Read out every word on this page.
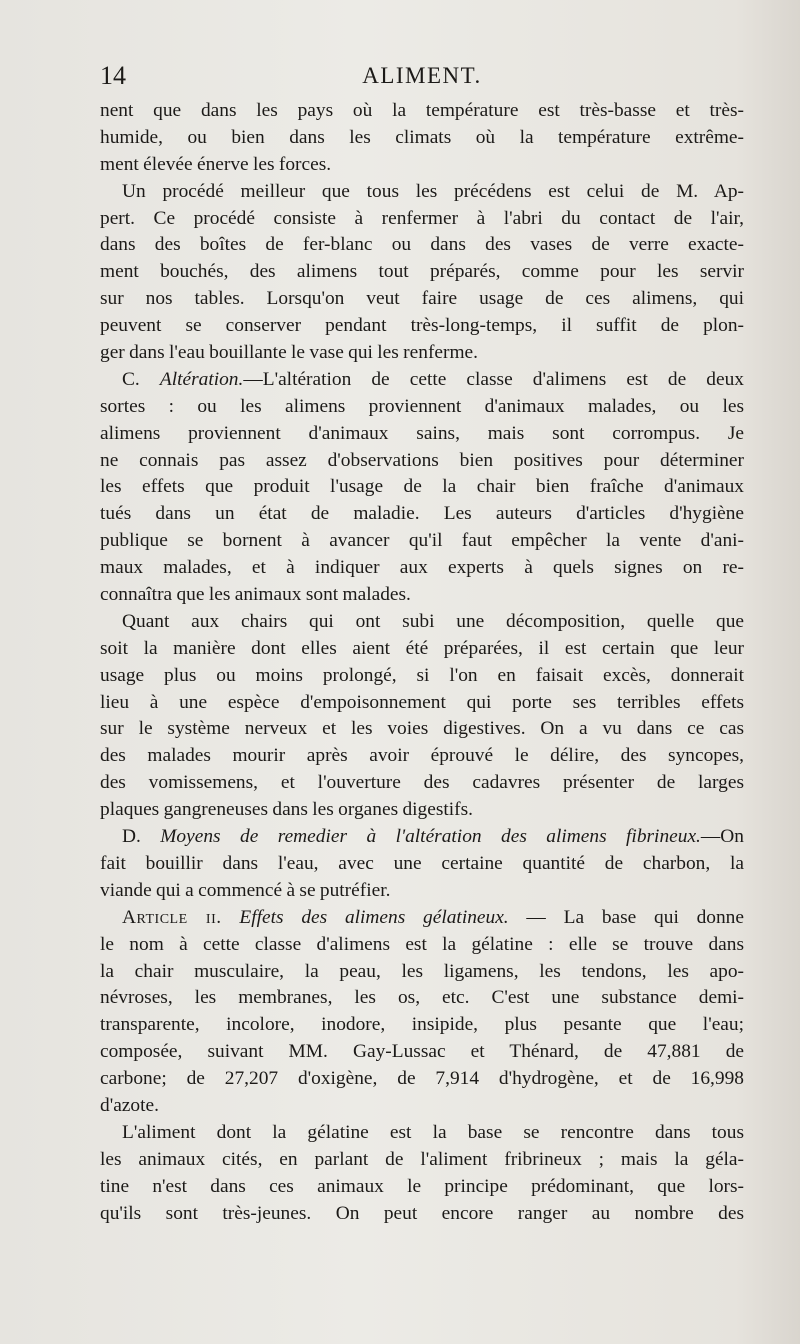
14	ALIMENT.
nent que dans les pays où la température est très-basse et très-
humide, ou bien dans les climats où la température extrême-
ment élevée énerve les forces.
Un procédé meilleur que tous les précédens est celui de M. Ap-
pert. Ce procédé consiste à renfermer à l'abri du contact de l'air,
dans des boîtes de fer-blanc ou dans des vases de verre exacte-
ment bouchés, des alimens tout préparés, comme pour les servir
sur nos tables. Lorsqu'on veut faire usage de ces alimens, qui
peuvent se conserver pendant très-long-temps, il suffit de plon-
ger dans l'eau bouillante le vase qui les renferme.
C. Altération.—L'altération de cette classe d'alimens est de deux
sortes : ou les alimens proviennent d'animaux malades, ou les
alimens proviennent d'animaux sains, mais sont corrompus. Je
ne connais pas assez d'observations bien positives pour déterminer
les effets que produit l'usage de la chair bien fraîche d'animaux
tués dans un état de maladie. Les auteurs d'articles d'hygiène
publique se bornent à avancer qu'il faut empêcher la vente d'ani-
maux malades, et à indiquer aux experts à quels signes on re-
connaîtra que les animaux sont malades.
Quant aux chairs qui ont subi une décomposition, quelle que
soit la manière dont elles aient été préparées, il est certain que leur
usage plus ou moins prolongé, si l'on en faisait excès, donnerait
lieu à une espèce d'empoisonnement qui porte ses terribles effets
sur le système nerveux et les voies digestives. On a vu dans ce cas
des malades mourir après avoir éprouvé le délire, des syncopes,
des vomissemens, et l'ouverture des cadavres présenter de larges
plaques gangreneuses dans les organes digestifs.
D. Moyens de remedier à l'altération des alimens fibrineux.—On
fait bouillir dans l'eau, avec une certaine quantité de charbon, la
viande qui a commencé à se putréfier.
Article ii. Effets des alimens gélatineux. — La base qui donne
le nom à cette classe d'alimens est la gélatine : elle se trouve dans
la chair musculaire, la peau, les ligamens, les tendons, les apo-
névroses, les membranes, les os, etc. C'est une substance demi-
transparente, incolore, inodore, insipide, plus pesante que l'eau;
composée, suivant MM. Gay-Lussac et Thénard, de 47,881 de
carbone; de 27,207 d'oxigène, de 7,914 d'hydrogène, et de 16,998
d'azote.
L'aliment dont la gélatine est la base se rencontre dans tous
les animaux cités, en parlant de l'aliment fribrineux ; mais la géla-
tine n'est dans ces animaux le principe prédominant, que lors-
qu'ils sont très-jeunes. On peut encore ranger au nombre des
